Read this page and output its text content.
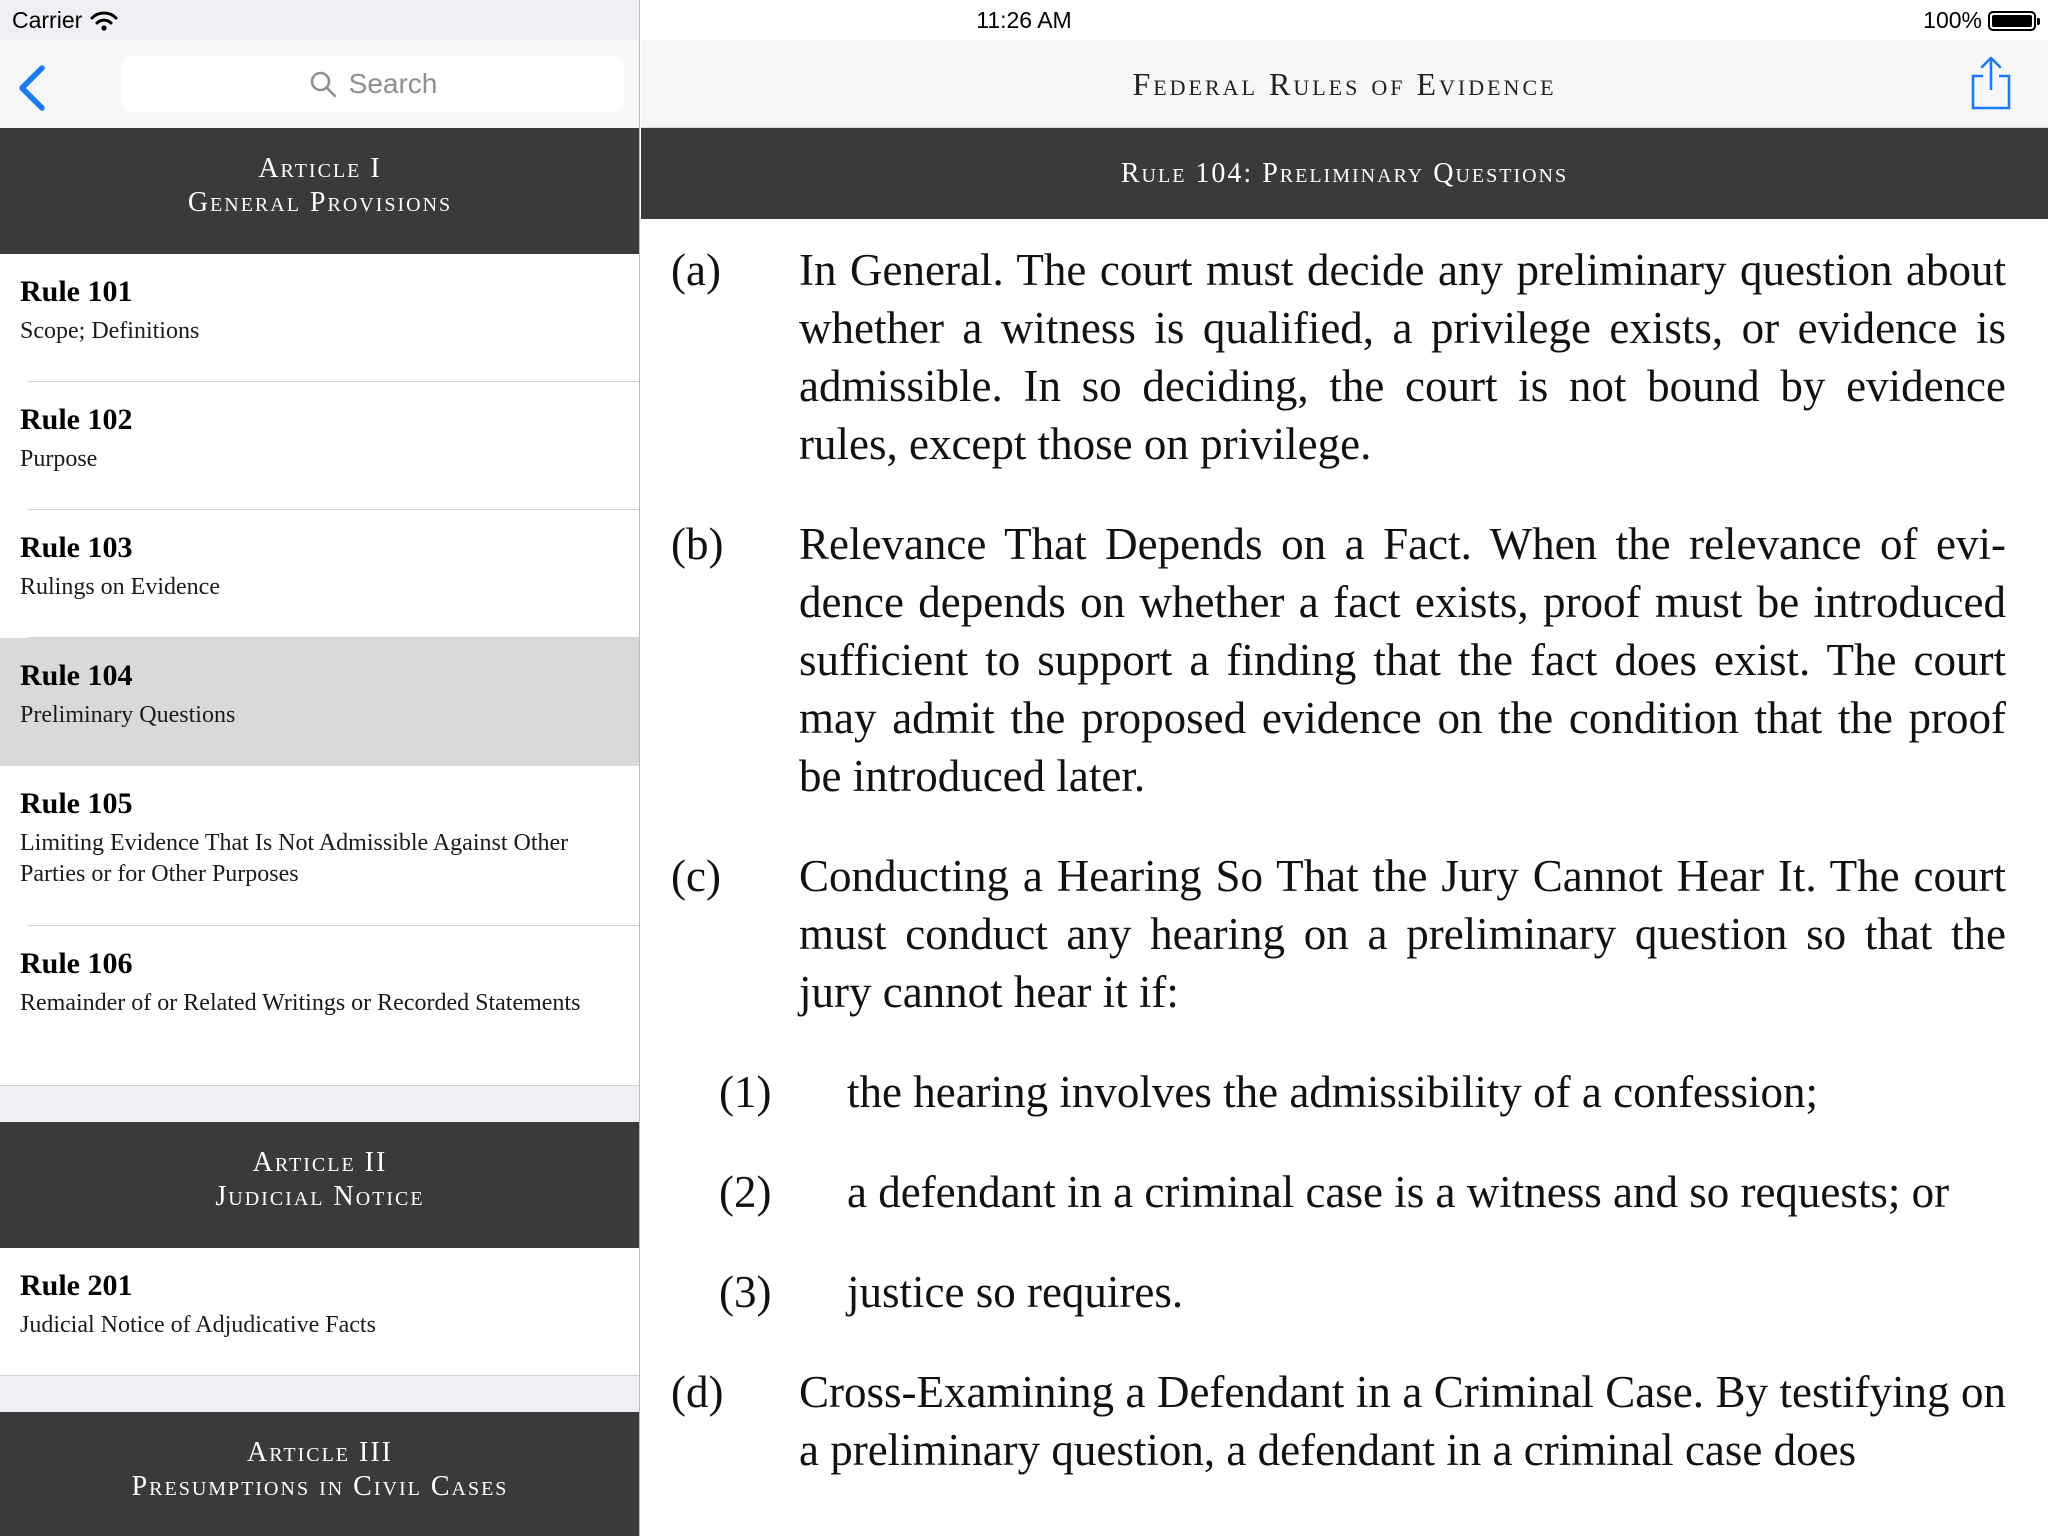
Search
Article I
General Provisions
Rule 101
Scope; Definitions
Rule 102
Purpose
Rule 103
Rulings on Evidence
Rule 104
Preliminary Questions
Rule 105
Limiting Evidence That Is Not Admissible Against Other Parties or for Other Purposes
Rule 106
Remainder of or Related Writings or Recorded Statements
Article II
Judicial Notice
Rule 201
Judicial Notice of Adjudicative Facts
Article III
Presumptions in Civil Cases
Federal Rules of Evidence
Rule 104: Preliminary Questions
(a) In General. The court must decide any preliminary question about whether a witness is qualified, a privilege exists, or evidence is admissible. In so deciding, the court is not bound by evidence rules, except those on privilege.
(b) Relevance That Depends on a Fact. When the relevance of evidence depends on whether a fact exists, proof must be introduced sufficient to support a finding that the fact does exist. The court may admit the proposed evidence on the condition that the proof be introduced later.
(c) Conducting a Hearing So That the Jury Cannot Hear It. The court must conduct any hearing on a preliminary question so that the jury cannot hear it if:
(1) the hearing involves the admissibility of a confession;
(2) a defendant in a criminal case is a witness and so requests; or
(3) justice so requires.
(d) Cross-Examining a Defendant in a Criminal Case. By testifying on a preliminary question, a defendant in a criminal case does
Carrier	11:26 AM	100%
